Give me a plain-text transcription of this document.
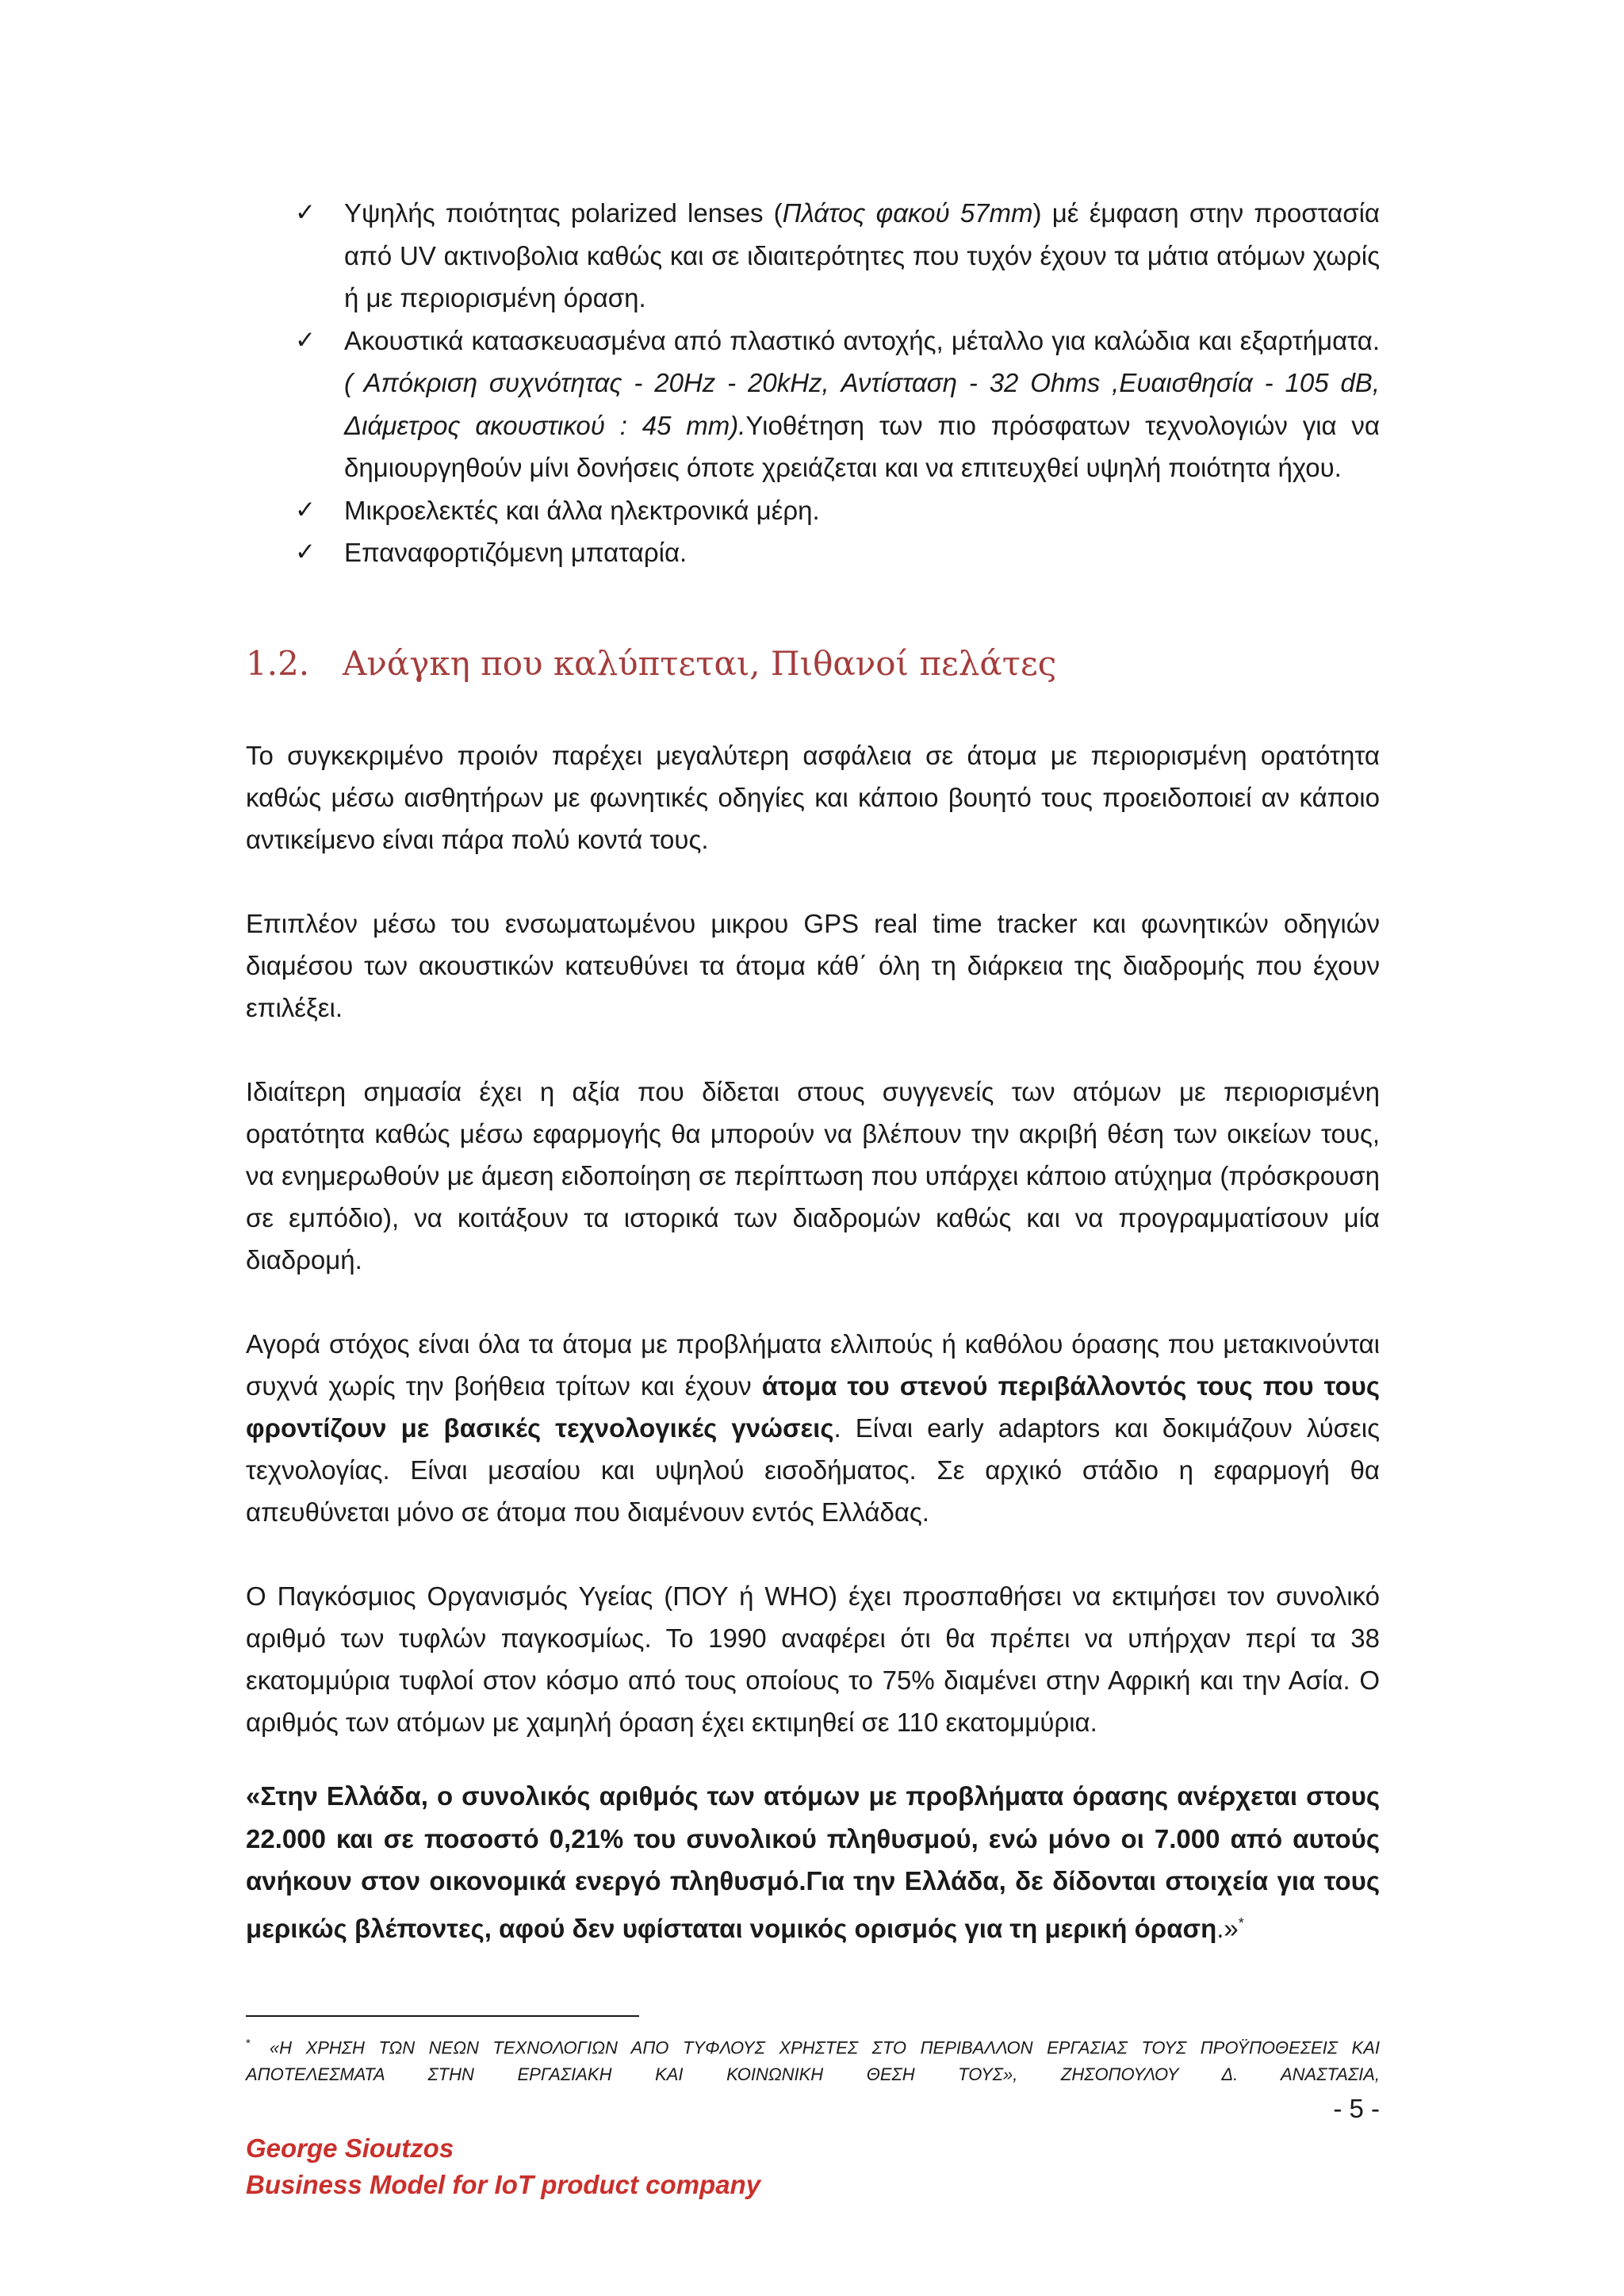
✓	Υψηλής ποιότητας polarized lenses (Πλάτος φακού 57mm) μέ έμφαση στην προστασία από UV ακτινοβολια καθώς και σε ιδιαιτερότητες που τυχόν έχουν τα μάτια ατόμων χωρίς ή με περιορισμένη όραση.
✓	Ακουστικά κατασκευασμένα από πλαστικό αντοχής, μέταλλο για καλώδια και εξαρτήματα. ( Απόκριση συχνότητας - 20Hz - 20kHz, Αντίσταση - 32 Ohms ,Ευαισθησία - 105 dB, Διάμετρος ακουστικού : 45 mm).Υιοθέτηση των πιο πρόσφατων τεχνολογιών για να δημιουργηθούν μίνι δονήσεις όποτε χρειάζεται και να επιτευχθεί υψηλή ποιότητα ήχου.
✓	Μικροελεκτές και άλλα ηλεκτρονικά μέρη.
✓	Επαναφορτιζόμενη μπαταρία.
1.2. Ανάγκη που καλύπτεται, Πιθανοί πελάτες

Το συγκεκριμένο προιόν παρέχει μεγαλύτερη ασφάλεια σε άτομα με περιορισμένη ορατότητα καθώς μέσω αισθητήρων με φωνητικές οδηγίες και κάποιο βουητό τους προειδοποιεί αν κάποιο αντικείμενο είναι πάρα πολύ κοντά τους.

Επιπλέον μέσω του ενσωματωμένου μικρου GPS real time tracker και φωνητικών οδηγιών διαμέσου των ακουστικών κατευθύνει τα άτομα κάθ΄ όλη τη διάρκεια της διαδρομής που έχουν επιλέξει.

Ιδιαίτερη σημασία έχει η αξία που δίδεται στους συγγενείς των ατόμων με περιορισμένη ορατότητα καθώς μέσω εφαρμογής θα μπορούν να βλέπουν την ακριβή θέση των οικείων τους, να ενημερωθούν με άμεση ειδοποίηση σε περίπτωση που υπάρχει κάποιο ατύχημα (πρόσκρουση σε εμπόδιο), να κοιτάξουν τα ιστορικά των διαδρομών καθώς και να προγραμματίσουν μία διαδρομή.

Αγορά στόχος είναι όλα τα άτομα με προβλήματα ελλιπούς ή καθόλου όρασης που μετακινούνται συχνά χωρίς την βοήθεια τρίτων και έχουν άτομα του στενού περιβάλλοντός τους που τους φροντίζουν με βασικές τεχνολογικές γνώσεις. Είναι early adaptors και δοκιμάζουν λύσεις τεχνολογίας. Είναι μεσαίου και υψηλού εισοδήματος. Σε αρχικό στάδιο η εφαρμογή θα απευθύνεται μόνο σε άτομα που διαμένουν εντός Ελλάδας.

Ο Παγκόσμιος Οργανισμός Υγείας (ΠΟΥ ή WHO) έχει προσπαθήσει να εκτιμήσει τον συνολικό αριθμό των τυφλών παγκοσμίως. Το 1990 αναφέρει ότι θα πρέπει να υπήρχαν περί τα 38 εκατομμύρια τυφλοί στον κόσμο από τους οποίους το 75% διαμένει στην Αφρική και την Ασία. Ο αριθμός των ατόμων με χαμηλή όραση έχει εκτιμηθεί σε 110 εκατομμύρια.

«Στην Ελλάδα, ο συνολικός αριθμός των ατόμων με προβλήματα όρασης ανέρχεται στους 22.000 και σε ποσοστό 0,21% του συνολικού πληθυσμού, ενώ μόνο οι 7.000 από αυτούς ανήκουν στον οικονομικά ενεργό πληθυσμό.Για την Ελλάδα, δε δίδονται στοιχεία για τους μερικώς βλέποντες, αφού δεν υφίσταται νομικός ορισμός για τη μερική όραση.»*

* «Η ΧΡΗΣΗ ΤΩΝ ΝΕΩΝ ΤΕΧΝΟΛΟΓΙΩΝ ΑΠΟ ΤΥΦΛΟΥΣ ΧΡΗΣΤΕΣ ΣΤΟ ΠΕΡΙΒΑΛΛΟΝ ΕΡΓΑΣΙΑΣ ΤΟΥΣ ΠΡΟΫΠΟΘΕΣΕΙΣ ΚΑΙ ΑΠΟΤΕΛΕΣΜΑΤΑ ΣΤΗΝ ΕΡΓΑΣΙΑΚΗ ΚΑΙ ΚΟΙΝΩΝΙΚΗ ΘΕΣΗ ΤΟΥΣ», ΖΗΣΟΠΟΥΛΟΥ Δ. ΑΝΑΣΤΑΣΙΑ,

- 5 -
George Sioutzos
Business Model for IoT product company
